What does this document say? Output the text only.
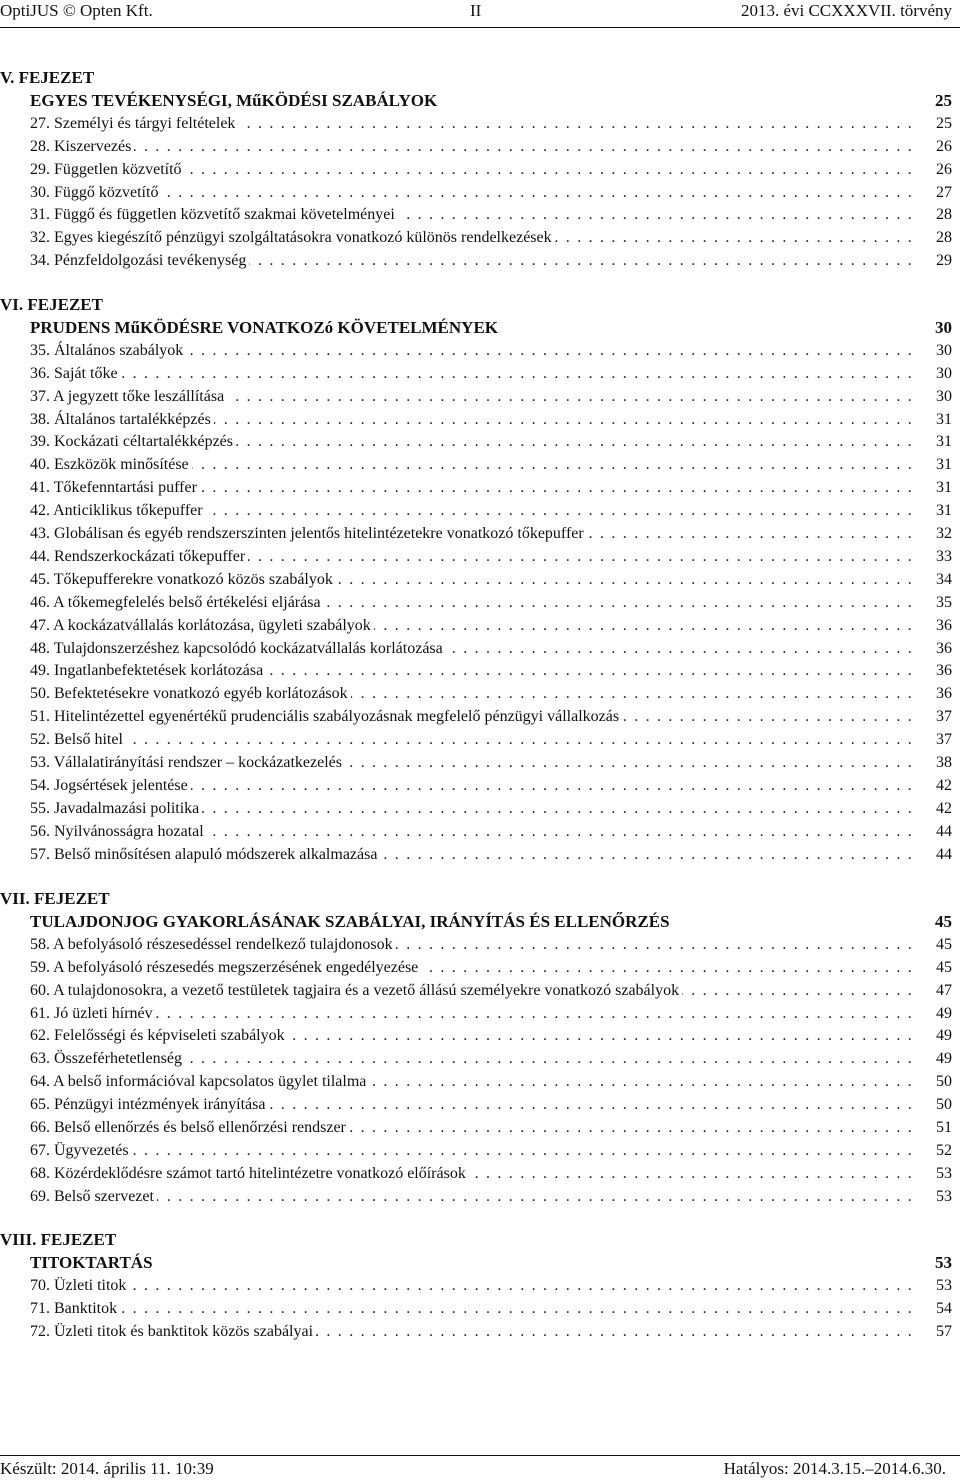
OptiJUS © Opten Kft.	II	2013. évi CCXXXVII. törvény
V. FEJEZET
EGYES TEVÉKENYSÉGI, MűKÖDÉSI SZABÁLYOK	25
. . .
27. Személyi és tárgyi feltételek	25
. . .
28. Kiszervezés	26
. . .
29. Független közvetítő	26
. . .
30. Függő közvetítő	27
. . .
31. Függő és független közvetítő szakmai követelményei	28
. . .
32. Egyes kiegészítő pénzügyi szolgáltatásokra vonatkozó különös rendelkezések	28
. . .
34. Pénzfeldolgozási tevékenység	29
VI. FEJEZET
PRUDENS MűKÖDÉSRE VONATKOZó KÖVETELMÉNYEK	30
. . .
35. Általános szabályok	30
. . .
36. Saját tőke	30
. . .
37. A jegyzett tőke leszállítása	30
. . .
38. Általános tartalékképzés	31
. . .
39. Kockázati céltartalékképzés	31
. . .
40. Eszközök minősítése	31
. . .
41. Tőkefenntartási puffer	31
. . .
42. Anticiklikus tőkepuffer	31
. . .
43. Globálisan és egyéb rendszerszinten jelentős hitelintézetekre vonatkozó tőkepuffer	32
. . .
44. Rendszerkockázati tőkepuffer	33
. . .
45. Tőkepufferekre vonatkozó közös szabályok	34
. . .
46. A tőkemegfelelés belső értékelési eljárása	35
. . .
47. A kockázatvállalás korlátozása, ügyleti szabályok	36
. . .
48. Tulajdonszerzéshez kapcsolódó kockázatvállalás korlátozása	36
. . .
49. Ingatlanbefektetések korlátozása	36
. . .
50. Befektetésekre vonatkozó egyéb korlátozások	36
. . .
51. Hitelintézettel egyenértékű prudenciális szabályozásnak megfelelő pénzügyi vállalkozás	37
. . .
52. Belső hitel	37
. . .
53. Vállalatirányítási rendszer – kockázatkezelés	38
. . .
54. Jogsértések jelentése	42
. . .
55. Javadalmazási politika	42
. . .
56. Nyilvánosságra hozatal	44
. . .
57. Belső minősítésen alapuló módszerek alkalmazása	44
VII. FEJEZET
TULAJDONJOG GYAKORLÁSÁNAK SZABÁLYAI, IRÁNYÍTÁS ÉS ELLENŐRZÉS	45
. . .
58. A befolyásoló részesedéssel rendelkező tulajdonosok	45
. . .
59. A befolyásoló részesedés megszerzésének engedélyezése	45
. . .
60. A tulajdonosokra, a vezető testületek tagjaira és a vezető állású személyekre vonatkozó szabályok	47
. . .
61. Jó üzleti hírnév	49
. . .
62. Felelősségi és képviseleti szabályok	49
. . .
63. Összeférhetetlenség	49
. . .
64. A belső információval kapcsolatos ügylet tilalma	50
. . .
65. Pénzügyi intézmények irányítása	50
. . .
66. Belső ellenőrzés és belső ellenőrzési rendszer	51
. . .
67. Ügyvezetés	52
. . .
68. Közérdeklődésre számot tartó hitelintézetre vonatkozó előírások	53
. . .
69. Belső szervezet	53
VIII. FEJEZET
TITOKTARTÁS	53
. . .
70. Üzleti titok	53
. . .
71. Banktitok	54
. . .
72. Üzleti titok és banktitok közös szabályai	57
Készült: 2014. április 11. 10:39	Hatályos: 2014.3.15.–2014.6.30.
